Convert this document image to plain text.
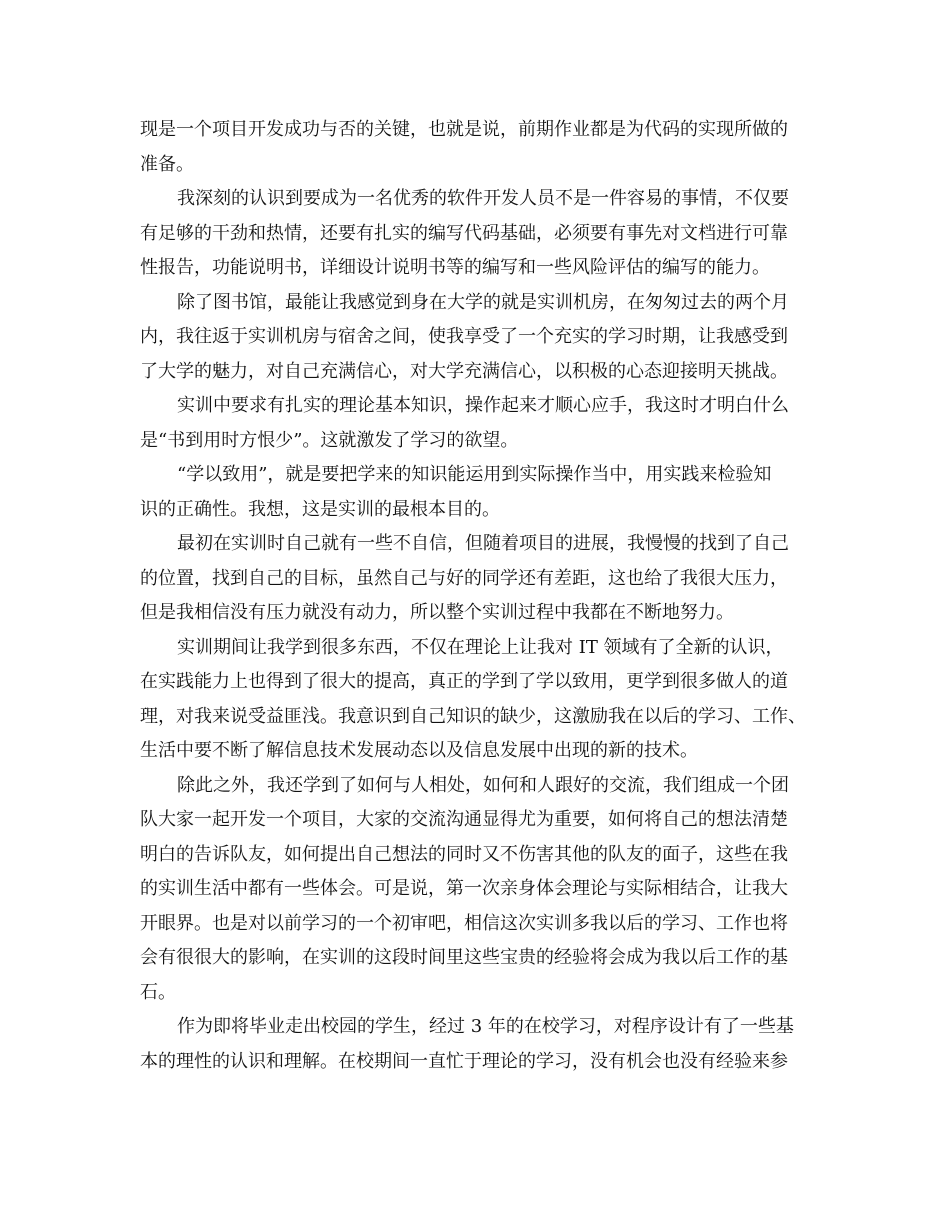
现是一个项目开发成功与否的关键，也就是说，前期作业都是为代码的实现所做的
准备。
我深刻的认识到要成为一名优秀的软件开发人员不是一件容易的事情，不仅要
有足够的干劲和热情，还要有扎实的编写代码基础，必须要有事先对文档进行可靠
性报告，功能说明书，详细设计说明书等的编写和一些风险评估的编写的能力。
除了图书馆，最能让我感觉到身在大学的就是实训机房，在匆匆过去的两个月
内，我往返于实训机房与宿舍之间，使我享受了一个充实的学习时期，让我感受到
了大学的魅力，对自己充满信心，对大学充满信心，以积极的心态迎接明天挑战。
实训中要求有扎实的理论基本知识，操作起来才顺心应手，我这时才明白什么
是“书到用时方恨少”。这就激发了学习的欲望。
“学以致用”，就是要把学来的知识能运用到实际操作当中，用实践来检验知
识的正确性。我想，这是实训的最根本目的。
最初在实训时自己就有一些不自信，但随着项目的进展，我慢慢的找到了自己
的位置，找到自己的目标，虽然自己与好的同学还有差距，这也给了我很大压力，
但是我相信没有压力就没有动力，所以整个实训过程中我都在不断地努力。
实训期间让我学到很多东西，不仅在理论上让我对 IT 领域有了全新的认识，
在实践能力上也得到了很大的提高，真正的学到了学以致用，更学到很多做人的道
理，对我来说受益匪浅。我意识到自己知识的缺少，这激励我在以后的学习、工作、
生活中要不断了解信息技术发展动态以及信息发展中出现的新的技术。
除此之外，我还学到了如何与人相处，如何和人跟好的交流，我们组成一个团
队大家一起开发一个项目，大家的交流沟通显得尤为重要，如何将自己的想法清楚
明白的告诉队友，如何提出自己想法的同时又不伤害其他的队友的面子，这些在我
的实训生活中都有一些体会。可是说，第一次亲身体会理论与实际相结合，让我大
开眼界。也是对以前学习的一个初审吧，相信这次实训多我以后的学习、工作也将
会有很很大的影响，在实训的这段时间里这些宝贵的经验将会成为我以后工作的基
石。
作为即将毕业走出校园的学生，经过 3 年的在校学习，对程序设计有了一些基
本的理性的认识和理解。在校期间一直忙于理论的学习，没有机会也没有经验来参
